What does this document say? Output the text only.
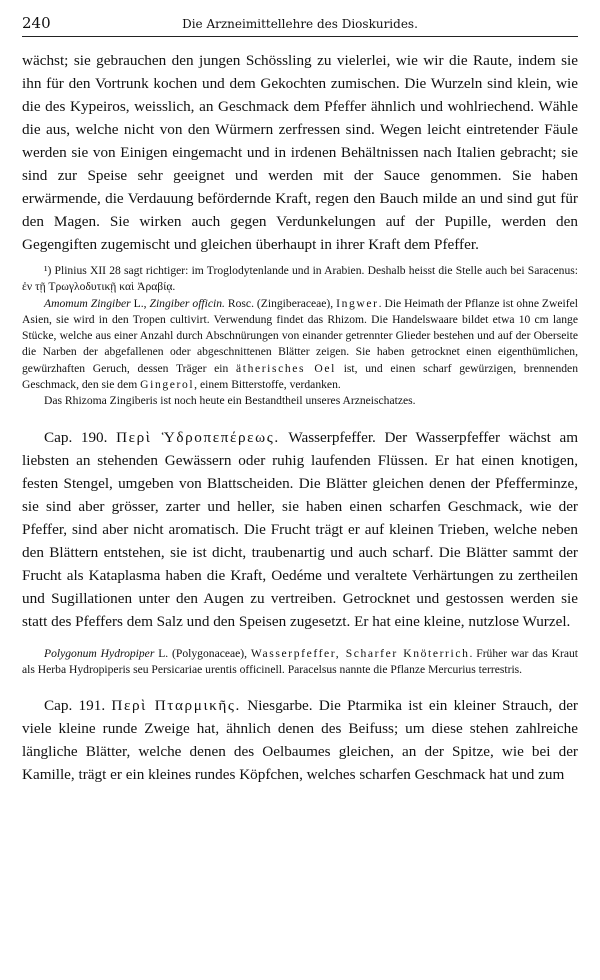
240	Die Arzneimittellehre des Dioskurides.

wächst; sie gebrauchen den jungen Schössling zu vielerlei, wie wir die Raute, indem sie ihn für den Vortrunk kochen und dem Gekochten zumischen. Die Wurzeln sind klein, wie die des Kypeiros, weisslich, an Geschmack dem Pfeffer ähnlich und wohlriechend. Wähle die aus, welche nicht von den Würmern zerfressen sind. Wegen leicht eintretender Fäule werden sie von Einigen eingemacht und in irdenen Behältnissen nach Italien gebracht; sie sind zur Speise sehr geeignet und werden mit der Sauce genommen. Sie haben erwärmende, die Verdauung befördernde Kraft, regen den Bauch milde an und sind gut für den Magen. Sie wirken auch gegen Verdunkelungen auf der Pupille, werden den Gegengiften zugemischt und gleichen überhaupt in ihrer Kraft dem Pfeffer.

¹) Plinius XII 28 sagt richtiger: im Troglodytenlande und in Arabien. Deshalb heisst die Stelle auch bei Saracenus: ἐν τῇ Τρωγλοδυτικῇ καὶ Ἀραβίᾳ.

Amomum Zingiber L., Zingiber officin. Rosc. (Zingiberaceae), Ingwer. Die Heimath der Pflanze ist ohne Zweifel Asien, sie wird in den Tropen cultivirt. Verwendung findet das Rhizom. Die Handelswaare bildet etwa 10 cm lange Stücke, welche aus einer Anzahl durch Abschnürungen von einander getrennter Glieder bestehen und auf der Oberseite die Narben der abgefallenen oder abgeschnittenen Blätter zeigen. Sie haben getrocknet einen eigenthümlichen, gewürzhaften Geruch, dessen Träger ein ätherisches Oel ist, und einen scharf gewürzigen, brennenden Geschmack, den sie dem Gingerol, einem Bitterstoffe, verdanken.

Das Rhizoma Zingiberis ist noch heute ein Bestandtheil unseres Arzneischatzes.

Cap. 190. Περὶ Ὑδροπεπέρεως. Wasserpfeffer. Der Wasserpfeffer wächst am liebsten an stehenden Gewässern oder ruhig laufenden Flüssen. Er hat einen knotigen, festen Stengel, umgeben von Blattscheiden. Die Blätter gleichen denen der Pfefferminze, sie sind aber grösser, zarter und heller, sie haben einen scharfen Geschmack, wie der Pfeffer, sind aber nicht aromatisch. Die Frucht trägt er auf kleinen Trieben, welche neben den Blättern entstehen, sie ist dicht, traubenartig und auch scharf. Die Blätter sammt der Frucht als Kataplasma haben die Kraft, Oedéme und veraltete Verhärtungen zu zertheilen und Sugillationen unter den Augen zu vertreiben. Getrocknet und gestossen werden sie statt des Pfeffers dem Salz und den Speisen zugesetzt. Er hat eine kleine, nutzlose Wurzel.

Polygonum Hydropiper L. (Polygonaceae), Wasserpfeffer, Scharfer Knöterrich. Früher war das Kraut als Herba Hydropiperis seu Persicariae urentis officinell. Paracelsus nannte die Pflanze Mercurius terrestris.

Cap. 191. Περὶ Πταρμικῆς. Niesgarbe. Die Ptarmika ist ein kleiner Strauch, der viele kleine runde Zweige hat, ähnlich denen des Beifuss; um diese stehen zahlreiche längliche Blätter, welche denen des Oelbaumes gleichen, an der Spitze, wie bei der Kamille, trägt er ein kleines rundes Köpfchen, welches scharfen Geschmack hat und zum
